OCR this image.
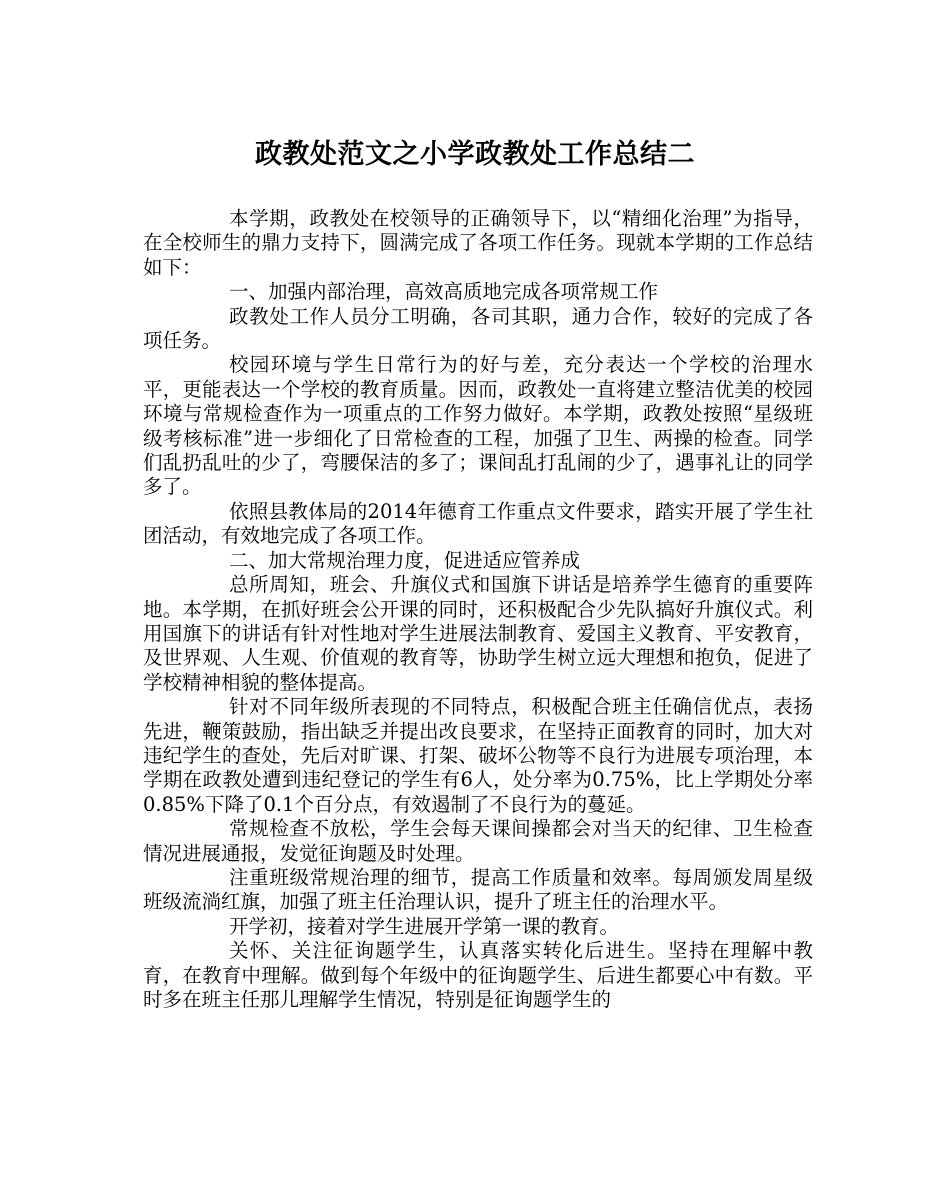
政教处范文之小学政教处工作总结二

本学期，政教处在校领导的正确领导下，以“精细化治理”为指导，在全校师生的鼎力支持下，圆满完成了各项工作任务。现就本学期的工作总结如下：

一、加强内部治理，高效高质地完成各项常规工作

政教处工作人员分工明确，各司其职，通力合作，较好的完成了各项任务。

校园环境与学生日常行为的好与差，充分表达一个学校的治理水平，更能表达一个学校的教育质量。因而，政教处一直将建立整洁优美的校园环境与常规检查作为一项重点的工作努力做好。本学期，政教处按照“星级班级考核标准”进一步细化了日常检查的工程，加强了卫生、两操的检查。同学们乱扔乱吐的少了，弯腰保洁的多了；课间乱打乱闹的少了，遇事礼让的同学多了。

依照县教体局的2014年德育工作重点文件要求，踏实开展了学生社团活动，有效地完成了各项工作。

二、加大常规治理力度，促进适应管养成

总所周知，班会、升旗仪式和国旗下讲话是培养学生德育的重要阵地。本学期，在抓好班会公开课的同时，还积极配合少先队搞好升旗仪式。利用国旗下的讲话有针对性地对学生进展法制教育、爱国主义教育、平安教育，及世界观、人生观、价值观的教育等，协助学生树立远大理想和抱负，促进了学校精神相貌的整体提高。

针对不同年级所表现的不同特点，积极配合班主任确信优点，表扬先进，鞭策鼓励，指出缺乏并提出改良要求，在坚持正面教育的同时，加大对违纪学生的查处，先后对旷课、打架、破坏公物等不良行为进展专项治理，本学期在政教处遭到违纪登记的学生有6人，处分率为0.75%，比上学期处分率0.85%下降了0.1个百分点，有效遏制了不良行为的蔓延。

常规检查不放松，学生会每天课间操都会对当天的纪律、卫生检查情况进展通报，发觉征询题及时处理。

注重班级常规治理的细节，提高工作质量和效率。每周颁发周星级班级流淌红旗，加强了班主任治理认识，提升了班主任的治理水平。

开学初，接着对学生进展开学第一课的教育。

关怀、关注征询题学生，认真落实转化后进生。坚持在理解中教育，在教育中理解。做到每个年级中的征询题学生、后进生都要心中有数。平时多在班主任那儿理解学生情况，特别是征询题学生的
